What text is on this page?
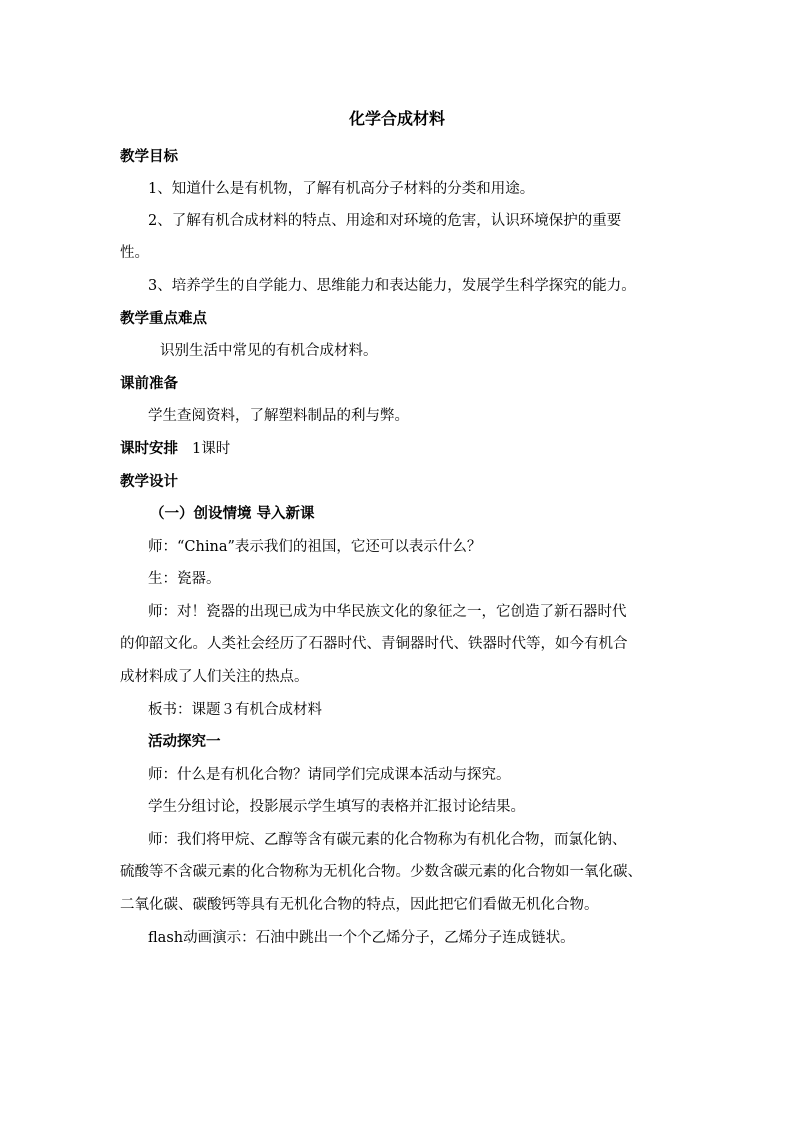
化学合成材料
教学目标
1、知道什么是有机物，了解有机高分子材料的分类和用途。
2、了解有机合成材料的特点、用途和对环境的危害，认识环境保护的重要
性。
3、培养学生的自学能力、思维能力和表达能力，发展学生科学探究的能力。
教学重点难点
识别生活中常见的有机合成材料。
课前准备
学生查阅资料，了解塑料制品的利与弊。
课时安排 1课时
教学设计
（一）创设情境 导入新课
师：“China”表示我们的祖国，它还可以表示什么？
生：瓷器。
师：对！瓷器的出现已成为中华民族文化的象征之一，它创造了新石器时代
的仰韶文化。人类社会经历了石器时代、青铜器时代、铁器时代等，如今有机合
成材料成了人们关注的热点。
板书：课题３有机合成材料
活动探究一
师：什么是有机化合物？请同学们完成课本活动与探究。
学生分组讨论，投影展示学生填写的表格并汇报讨论结果。
师：我们将甲烷、乙醇等含有碳元素的化合物称为有机化合物，而氯化钠、
硫酸等不含碳元素的化合物称为无机化合物。少数含碳元素的化合物如一氧化碳、
二氧化碳、碳酸钙等具有无机化合物的特点，因此把它们看做无机化合物。
flash动画演示：石油中跳出一个个乙烯分子，乙烯分子连成链状。
